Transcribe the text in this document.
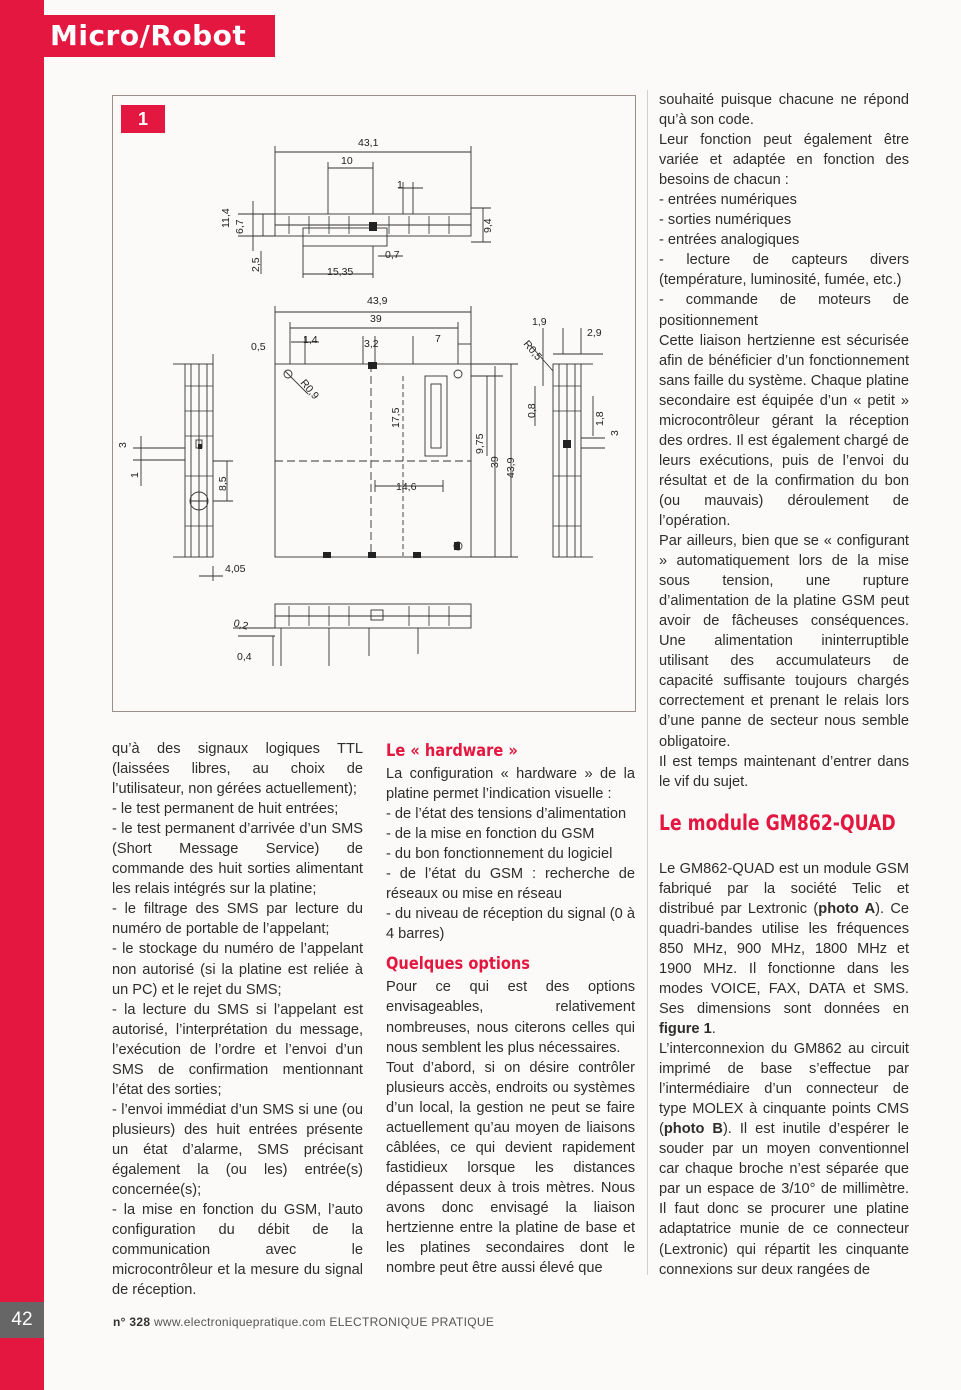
Micro/Robot
1
43,1
10
1
11,4 6,7	9,4
2,5
0,7
15,35
43,9
39
7
0,5
1,4	3,2
R0,9
17,5
9,75
39 43,9
14,6
1,9
2,9
R0,5
0,8
1,8
3
3
1
8,5
4,05
0,2
0,4

qu’à des signaux logiques TTL (laissées libres, au choix de l’utilisateur, non gérées actuellement);

- le test permanent de huit entrées;

- le test permanent d’arrivée d’un SMS (Short Message Service) de commande des huit sorties alimentant les relais intégrés sur la platine;

- le filtrage des SMS par lecture du numéro de portable de l’appelant;

- le stockage du numéro de l’appelant non autorisé (si la platine est reliée à un PC) et le rejet du SMS;

- la lecture du SMS si l’appelant est autorisé, l’interprétation du message, l’exécution de l’ordre et l’envoi d’un SMS de confirmation mentionnant l’état des sorties;

- l’envoi immédiat d’un SMS si une (ou plusieurs) des huit entrées présente un état d’alarme, SMS précisant également la (ou les) entrée(s) concernée(s);

- la mise en fonction du GSM, l’auto configuration du débit de la communication avec le microcontrôleur et la mesure du signal de réception.

Le « hardware »

La configuration « hardware » de la platine permet l’indication visuelle :

- de l’état des tensions d’alimentation

- de la mise en fonction du GSM

- du bon fonctionnement du logiciel

- de l’état du GSM : recherche de réseaux ou mise en réseau

- du niveau de réception du signal (0 à 4 barres)

Quelques options

Pour ce qui est des options envisageables, relativement nombreuses, nous citerons celles qui nous semblent les plus nécessaires.

Tout d’abord, si on désire contrôler plusieurs accès, endroits ou systèmes d’un local, la gestion ne peut se faire actuellement qu’au moyen de liaisons câblées, ce qui devient rapidement fastidieux lorsque les distances dépassent deux à trois mètres. Nous avons donc envisagé la liaison hertzienne entre la platine de base et les platines secondaires dont le nombre peut être aussi élevé que

souhaité puisque chacune ne répond qu’à son code.

Leur fonction peut également être variée et adaptée en fonction des besoins de chacun :

- entrées numériques

- sorties numériques

- entrées analogiques

- lecture de capteurs divers (température, luminosité, fumée, etc.)

- commande de moteurs de positionnement

Cette liaison hertzienne est sécurisée afin de bénéficier d’un fonctionnement sans faille du système. Chaque platine secondaire est équipée d’un « petit » microcontrôleur gérant la réception des ordres. Il est également chargé de leurs exécutions, puis de l’envoi du résultat et de la confirmation du bon (ou mauvais) déroulement de l’opération.

Par ailleurs, bien que se « configurant » automatiquement lors de la mise sous tension, une rupture d’alimentation de la platine GSM peut avoir de fâcheuses conséquences. Une alimentation ininterruptible utilisant des accumulateurs de capacité suffisante toujours chargés correctement et prenant le relais lors d’une panne de secteur nous semble obligatoire.

Il est temps maintenant d’entrer dans le vif du sujet.

Le module GM862-QUAD

Le GM862-QUAD est un module GSM fabriqué par la société Telic et distribué par Lextronic (photo A). Ce quadri-bandes utilise les fréquences 850 MHz, 900 MHz, 1800 MHz et 1900 MHz. Il fonctionne dans les modes VOICE, FAX, DATA et SMS. Ses dimensions sont données en figure 1.

L’interconnexion du GM862 au circuit imprimé de base s’effectue par l’intermédiaire d’un connecteur de type MOLEX à cinquante points CMS (photo B). Il est inutile d’espérer le souder par un moyen conventionnel car chaque broche n’est séparée que par un espace de 3/10° de millimètre. Il faut donc se procurer une platine adaptatrice munie de ce connecteur (Lextronic) qui répartit les cinquante connexions sur deux rangées de

42	n° 328 www.electroniquepratique.com ELECTRONIQUE PRATIQUE
